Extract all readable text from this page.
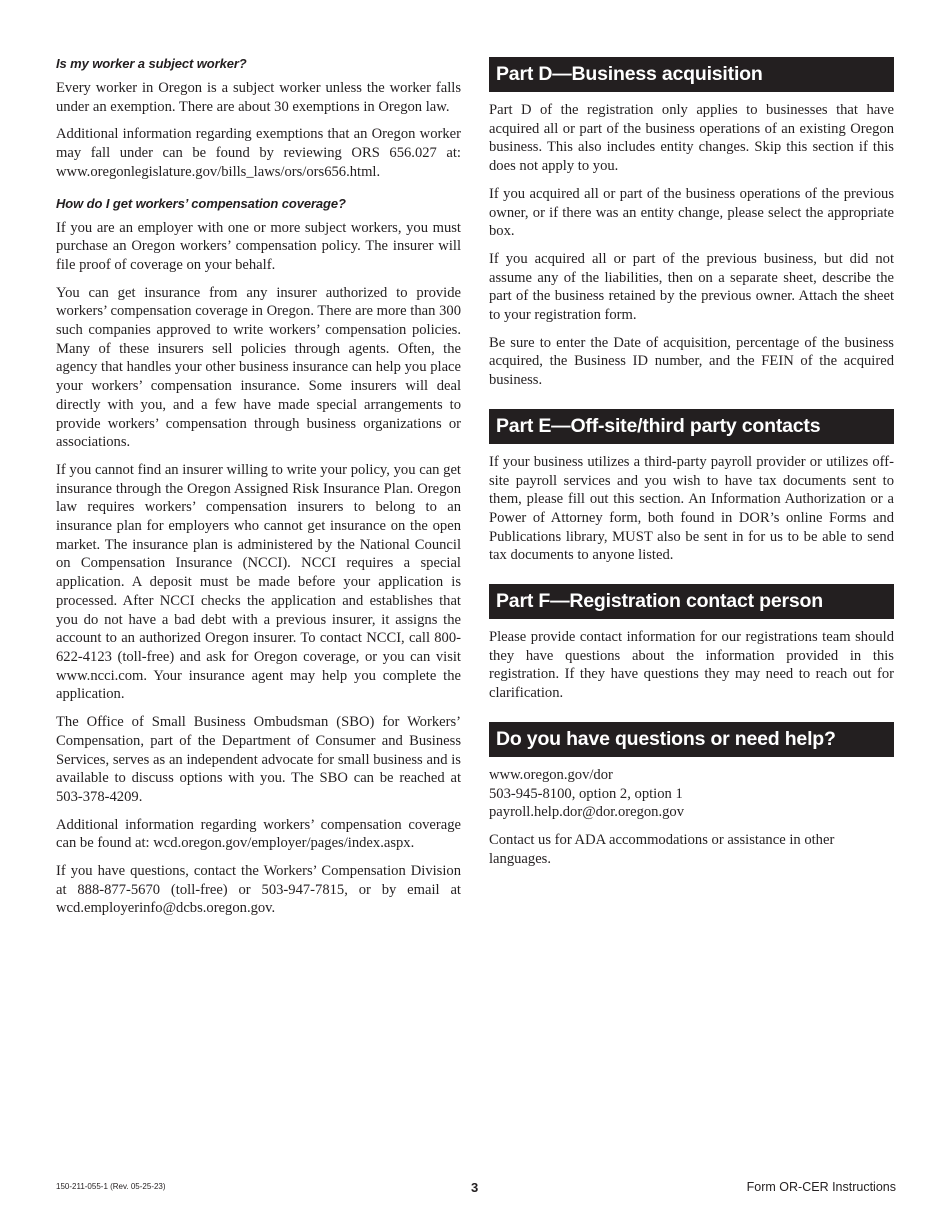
Is my worker a subject worker?

Every worker in Oregon is a subject worker unless the worker falls under an exemption. There are about 30 exemptions in Oregon law.

Additional information regarding exemptions that an Oregon worker may fall under can be found by reviewing ORS 656.027 at: www.oregonlegislature.gov/bills_laws/ors/ors656.html.

How do I get workers’ compensation coverage?

If you are an employer with one or more subject workers, you must purchase an Oregon workers’ compensation policy. The insurer will file proof of coverage on your behalf.

You can get insurance from any insurer authorized to provide workers’ compensation coverage in Oregon. There are more than 300 such companies approved to write workers’ compensation policies. Many of these insurers sell policies through agents. Often, the agency that handles your other business insurance can help you place your workers’ compensation insurance. Some insurers will deal directly with you, and a few have made special arrangements to provide workers’ compensation through business organizations or associations.

If you cannot find an insurer willing to write your policy, you can get insurance through the Oregon Assigned Risk Insurance Plan. Oregon law requires workers’ compensation insurers to belong to an insurance plan for employers who cannot get insurance on the open market. The insurance plan is administered by the National Council on Compensation Insurance (NCCI). NCCI requires a special application. A deposit must be made before your application is processed. After NCCI checks the application and establishes that you do not have a bad debt with a previous insurer, it assigns the account to an authorized Oregon insurer. To contact NCCI, call 800-622-4123 (toll-free) and ask for Oregon coverage, or you can visit www.ncci.com. Your insurance agent may help you complete the application.

The Office of Small Business Ombudsman (SBO) for Workers’ Compensation, part of the Department of Consumer and Business Services, serves as an independent advocate for small business and is available to discuss options with you. The SBO can be reached at 503-378-4209.

Additional information regarding workers’ compensation coverage can be found at: wcd.oregon.gov/employer/pages/index.aspx.

If you have questions, contact the Workers’ Compensation Division at 888-877-5670 (toll-free) or 503-947-7815, or by email at wcd.employerinfo@dcbs.oregon.gov.

Part D—Business acquisition

Part D of the registration only applies to businesses that have acquired all or part of the business operations of an existing Oregon business. This also includes entity changes. Skip this section if this does not apply to you.

If you acquired all or part of the business operations of the previous owner, or if there was an entity change, please select the appropriate box.

If you acquired all or part of the previous business, but did not assume any of the liabilities, then on a separate sheet, describe the part of the business retained by the previous owner. Attach the sheet to your registration form.

Be sure to enter the Date of acquisition, percentage of the business acquired, the Business ID number, and the FEIN of the acquired business.

Part E—Off-site/third party contacts

If your business utilizes a third-party payroll provider or utilizes off-site payroll services and you wish to have tax documents sent to them, please fill out this section. An Information Authorization or a Power of Attorney form, both found in DOR’s online Forms and Publications library, MUST also be sent in for us to be able to send tax documents to anyone listed.

Part F—Registration contact person

Please provide contact information for our registrations team should they have questions about the information provided in this registration. If they have questions they may need to reach out for clarification.

Do you have questions or need help?

www.oregon.gov/dor

503-945-8100, option 2, option 1

payroll.help.dor@dor.oregon.gov

Contact us for ADA accommodations or assistance in other languages.

150-211-055-1 (Rev. 05-25-23)	3	Form OR-CER Instructions
